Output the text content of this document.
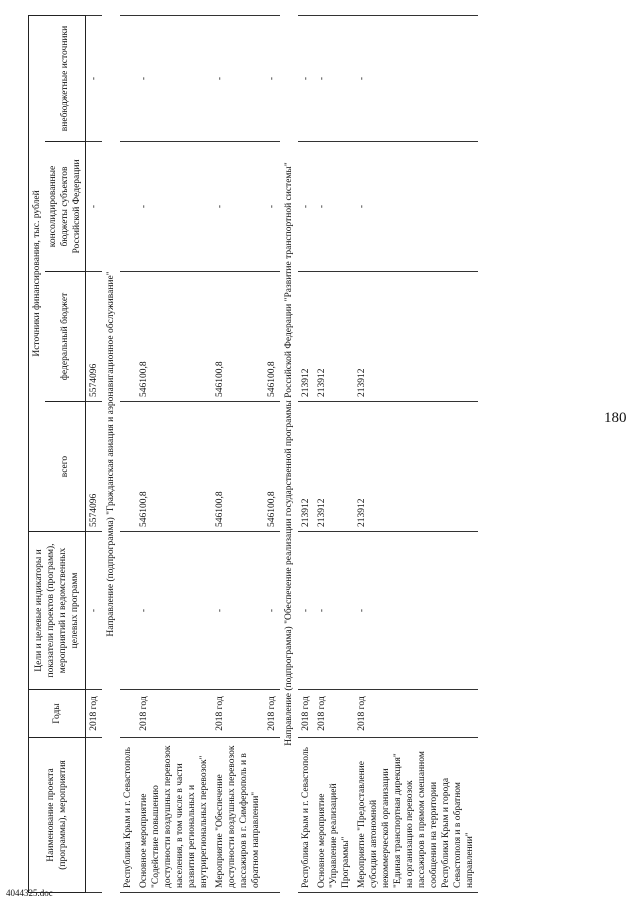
180
4044325.doc
Наименование проекта (программы), мероприятия	Годы	Цели и целевые индикаторы и показатели проектов (программ), мероприятий и ведомственных целевых программ	Источники финансирования, тыс. рублей			
			всего	федеральный бюджет	консолидированные бюджеты субъектов Российской Федерации	внебюджетные источники
	2018 год	-	5574096	5574096	-	-
Направление (подпрограмма) "Гражданская авиация и аэронавигационное обслуживание"						
Республика Крым и г. Севастополь						
Основное мероприятие "Содействие повышению доступности воздушных перевозок населения, в том числе в части развития региональных и внутрирегиональных перевозок"	2018 год	-	546100,8	546100,8	-	-
Мероприятие "Обеспечение доступности воздушных перевозок пассажиров в г. Симферополь и в обратном направлении"	2018 год	-	546100,8	546100,8	-	-
	2018 год	-	546100,8	546100,8	-	-
Направление (подпрограмма) "Обеспечение реализации государственной программы Российской Федерации "Развитие транспортной системы"						
Республика Крым и г. Севастополь	2018 год	-	213912	213912	-	-
Основное мероприятие "Управление реализацией Программы"	2018 год	-	213912	213912	-	-
Мероприятие "Предоставление субсидии автономной некоммерческой организации "Единая транспортная дирекция" на организацию перевозок пассажиров в прямом смешанном сообщении на территории Республики Крым и города Севастополя и в обратном направлении"	2018 год	-	213912	213912	-	-
